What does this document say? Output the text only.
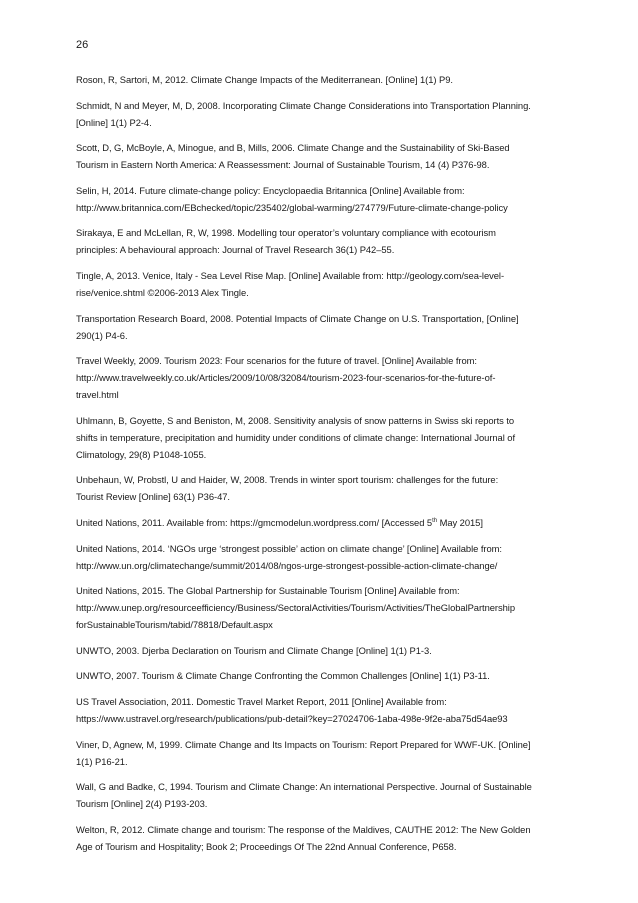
26
Roson, R, Sartori, M, 2012. Climate Change Impacts of the Mediterranean. [Online] 1(1) P9.
Schmidt, N and Meyer, M, D, 2008. Incorporating Climate Change Considerations into Transportation Planning.
[Online] 1(1) P2-4.
Scott, D, G, McBoyle, A, Minogue, and B, Mills, 2006. Climate Change and the Sustainability of Ski-Based
Tourism in Eastern North America: A Reassessment: Journal of Sustainable Tourism, 14 (4) P376-98.
Selin, H, 2014. Future climate-change policy: Encyclopaedia Britannica [Online] Available from:
http://www.britannica.com/EBchecked/topic/235402/global-warming/274779/Future-climate-change-policy
Sirakaya, E and McLellan, R, W, 1998. Modelling tour operator’s voluntary compliance with ecotourism
principles: A behavioural approach: Journal of Travel Research 36(1) P42–55.
Tingle, A, 2013. Venice, Italy - Sea Level Rise Map. [Online] Available from: http://geology.com/sea-level-
rise/venice.shtml ©2006-2013 Alex Tingle.
Transportation Research Board, 2008. Potential Impacts of Climate Change on U.S. Transportation, [Online]
290(1) P4-6.
Travel Weekly, 2009. Tourism 2023: Four scenarios for the future of travel. [Online] Available from:
http://www.travelweekly.co.uk/Articles/2009/10/08/32084/tourism-2023-four-scenarios-for-the-future-of-
travel.html
Uhlmann, B, Goyette, S and Beniston, M, 2008. Sensitivity analysis of snow patterns in Swiss ski reports to
shifts in temperature, precipitation and humidity under conditions of climate change: International Journal of
Climatology, 29(8) P1048-1055.
Unbehaun, W, Probstl, U and Haider, W, 2008. Trends in winter sport tourism: challenges for the future:
Tourist Review [Online] 63(1) P36-47.
United Nations, 2011. Available from: https://gmcmodelun.wordpress.com/ [Accessed 5th May 2015]
United Nations, 2014. ‘NGOs urge ‘strongest possible’ action on climate change’ [Online] Available from:
http://www.un.org/climatechange/summit/2014/08/ngos-urge-strongest-possible-action-climate-change/
United Nations, 2015. The Global Partnership for Sustainable Tourism [Online] Available from:
http://www.unep.org/resourceefficiency/Business/SectoralActivities/Tourism/Activities/TheGlobalPartnership
forSustainableTourism/tabid/78818/Default.aspx
UNWTO, 2003. Djerba Declaration on Tourism and Climate Change [Online] 1(1) P1-3.
UNWTO, 2007. Tourism & Climate Change Confronting the Common Challenges [Online] 1(1) P3-11.
US Travel Association, 2011. Domestic Travel Market Report, 2011 [Online] Available from:
https://www.ustravel.org/research/publications/pub-detail?key=27024706-1aba-498e-9f2e-aba75d54ae93
Viner, D, Agnew, M, 1999. Climate Change and Its Impacts on Tourism: Report Prepared for WWF-UK. [Online]
1(1) P16-21.
Wall, G and Badke, C, 1994. Tourism and Climate Change: An international Perspective. Journal of Sustainable
Tourism [Online] 2(4) P193-203.
Welton, R, 2012. Climate change and tourism: The response of the Maldives, CAUTHE 2012: The New Golden
Age of Tourism and Hospitality; Book 2; Proceedings Of The 22nd Annual Conference, P658.
